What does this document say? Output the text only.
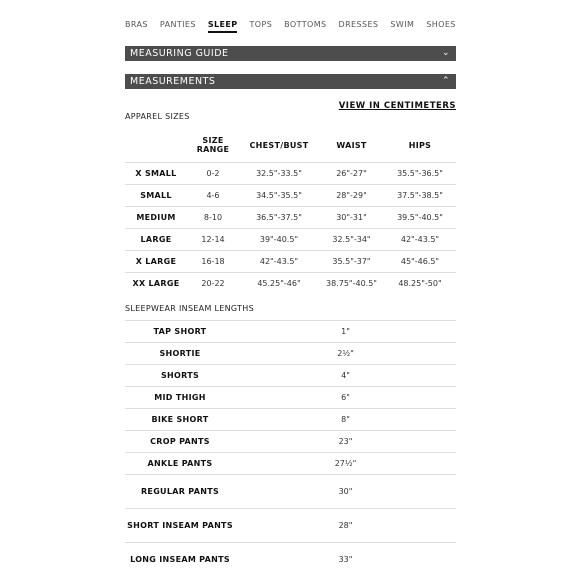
BRAS PANTIES SLEEP TOPS BOTTOMS DRESSES SWIM SHOES
MEASURING GUIDE	⌄
MEASUREMENTS	⌃
VIEW IN CENTIMETERS
APPAREL SIZES
	SIZE RANGE	CHEST/BUST	WAIST	HIPS
X SMALL	0-2	32.5"-33.5"	26"-27"	35.5"-36.5"
SMALL	4-6	34.5"-35.5"	28"-29"	37.5"-38.5"
MEDIUM	8-10	36.5"-37.5"	30"-31"	39.5"-40.5"
LARGE	12-14	39"-40.5"	32.5"-34"	42"-43.5"
X LARGE	16-18	42"-43.5"	35.5"-37"	45"-46.5"
XX LARGE	20-22	45.25"-46"	38.75"-40.5"	48.25"-50"
SLEEPWEAR INSEAM LENGTHS
TAP SHORT	1"
SHORTIE	2½"
SHORTS	4"
MID THIGH	6"
BIKE SHORT	8"
CROP PANTS	23"
ANKLE PANTS	27½"
REGULAR PANTS	30"
SHORT INSEAM PANTS	28"
LONG INSEAM PANTS	33"
